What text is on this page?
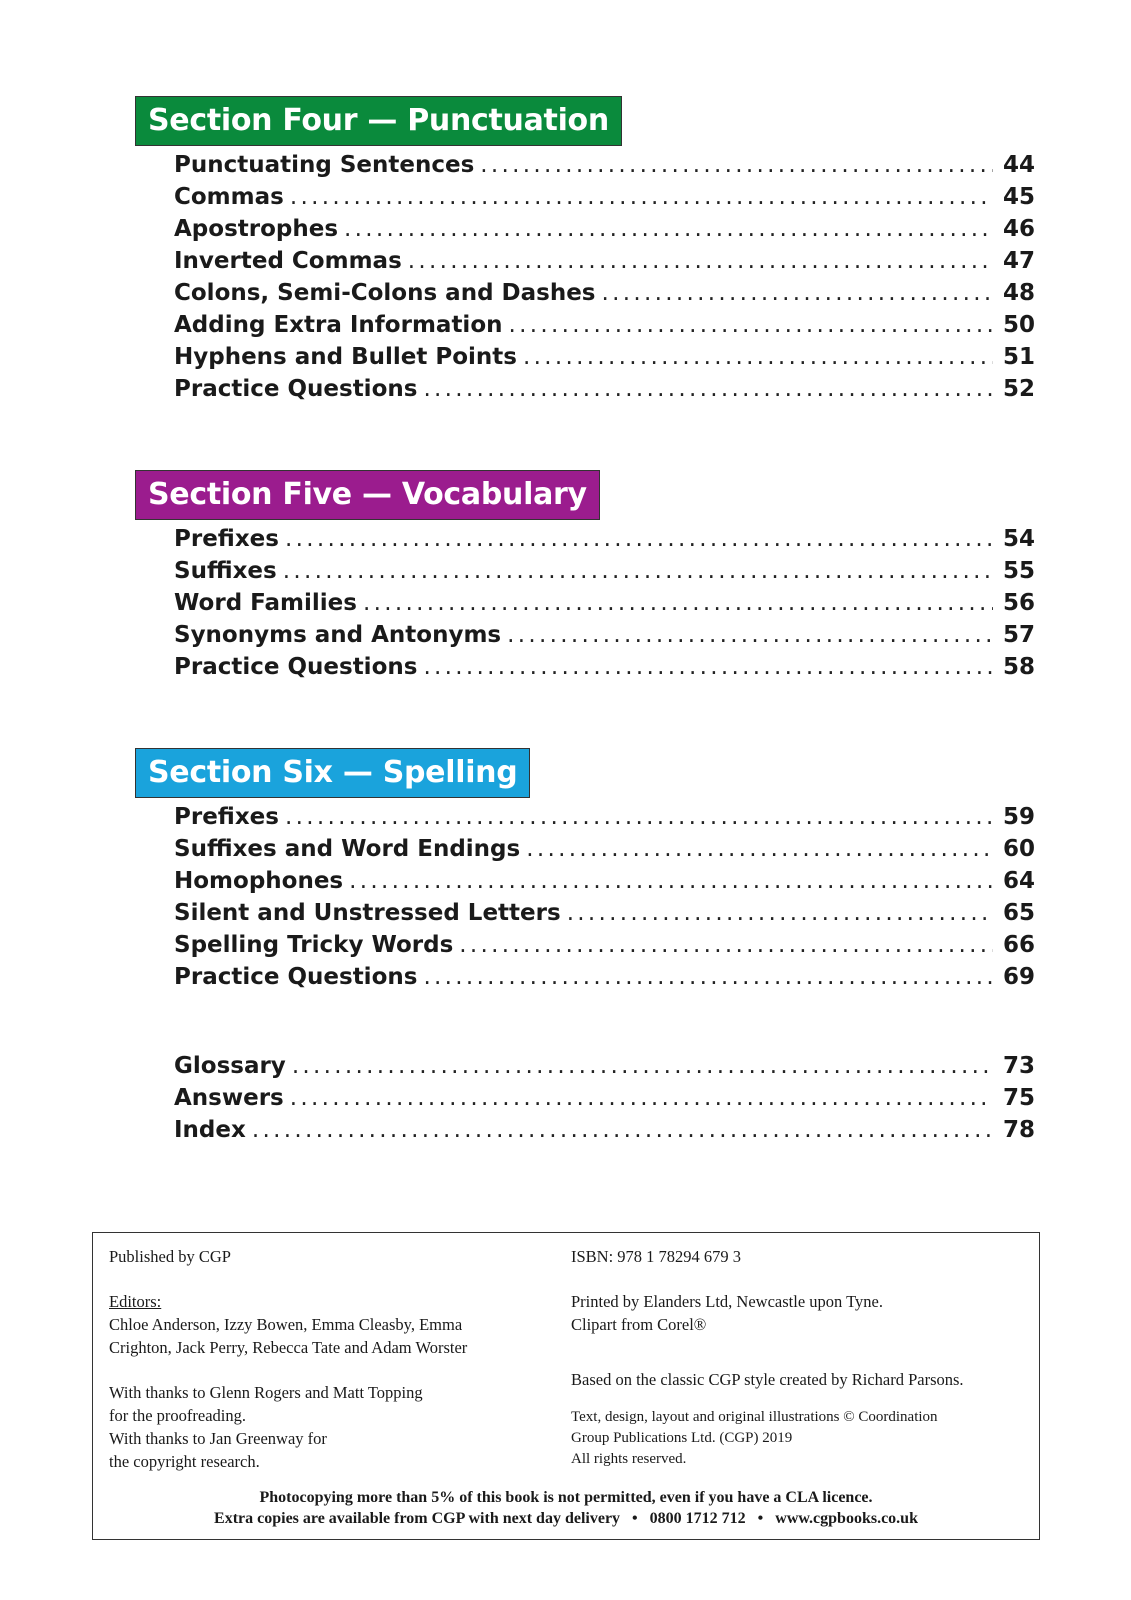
Section Four — Punctuation
Punctuating Sentences . . .	44
Commas . . .	45
Apostrophes . . .	46
Inverted Commas . . .	47
Colons, Semi-Colons and Dashes . . .	48
Adding Extra Information . . .	50
Hyphens and Bullet Points . . .	51
Practice Questions . . .	52
Section Five — Vocabulary
Prefixes . . .	54
Suffixes . . .	55
Word Families . . .	56
Synonyms and Antonyms . . .	57
Practice Questions . . .	58
Section Six — Spelling
Prefixes . . .	59
Suffixes and Word Endings . . .	60
Homophones . . .	64
Silent and Unstressed Letters . . .	65
Spelling Tricky Words . . .	66
Practice Questions . . .	69
Glossary . . .	73
Answers . . .	75
Index . . .	78

Published by CGP

Editors:

Chloe Anderson, Izzy Bowen, Emma Cleasby, Emma

Crighton, Jack Perry, Rebecca Tate and Adam Worster

With thanks to Glenn Rogers and Matt Topping

for the proofreading.

With thanks to Jan Greenway for

the copyright research.

ISBN: 978 1 78294 679 3

Printed by Elanders Ltd, Newcastle upon Tyne.

Clipart from Corel®

Based on the classic CGP style created by Richard Parsons.

Text, design, layout and original illustrations © Coordination

Group Publications Ltd. (CGP) 2019

All rights reserved.

Photocopying more than 5% of this book is not permitted, even if you have a CLA licence.
Extra copies are available from CGP with next day delivery • 0800 1712 712 • www.cgpbooks.co.uk
